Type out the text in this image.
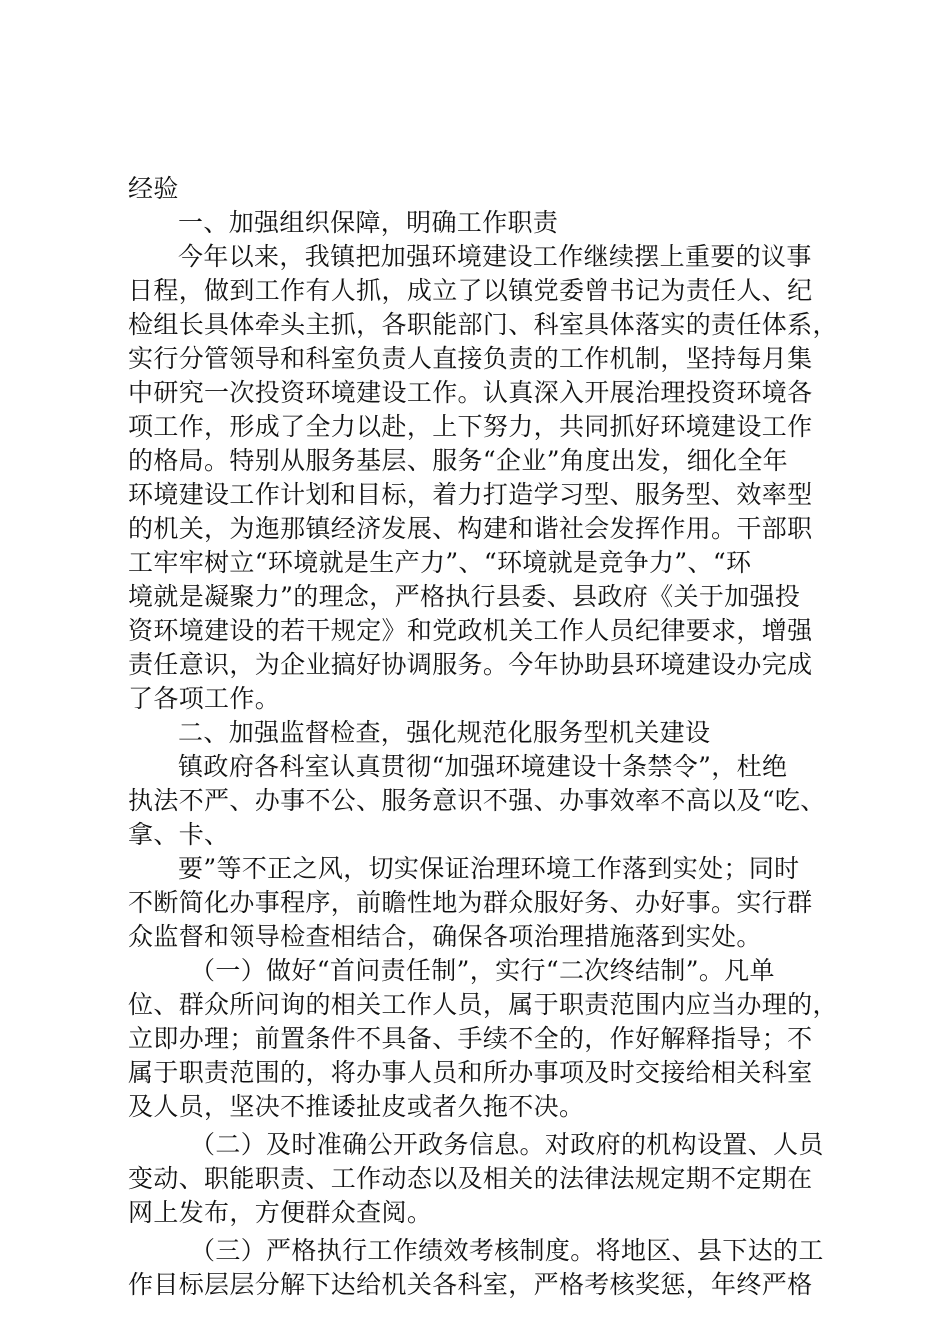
经验
一、加强组织保障，明确工作职责
今年以来，我镇把加强环境建设工作继续摆上重要的议事
日程，做到工作有人抓，成立了以镇党委曾书记为责任人、纪
检组长具体牵头主抓，各职能部门、科室具体落实的责任体系，
实行分管领导和科室负责人直接负责的工作机制，坚持每月集
中研究一次投资环境建设工作。认真深入开展治理投资环境各
项工作，形成了全力以赴，上下努力，共同抓好环境建设工作
的格局。特别从服务基层、服务“企业”角度出发，细化全年
环境建设工作计划和目标，着力打造学习型、服务型、效率型
的机关，为迤那镇经济发展、构建和谐社会发挥作用。干部职
工牢牢树立“环境就是生产力”、“环境就是竞争力”、“环
境就是凝聚力”的理念，严格执行县委、县政府《关于加强投
资环境建设的若干规定》和党政机关工作人员纪律要求，增强
责任意识，为企业搞好协调服务。今年协助县环境建设办完成
了各项工作。
二、加强监督检查，强化规范化服务型机关建设
镇政府各科室认真贯彻“加强环境建设十条禁令”，杜绝
执法不严、办事不公、服务意识不强、办事效率不高以及“吃、
拿、卡、
要”等不正之风，切实保证治理环境工作落到实处；同时
不断简化办事程序，前瞻性地为群众服好务、办好事。实行群
众监督和领导检查相结合，确保各项治理措施落到实处。
（一）做好“首问责任制”，实行“二次终结制”。凡单
位、群众所问询的相关工作人员，属于职责范围内应当办理的，
立即办理；前置条件不具备、手续不全的，作好解释指导；不
属于职责范围的，将办事人员和所办事项及时交接给相关科室
及人员，坚决不推诿扯皮或者久拖不决。
（二）及时准确公开政务信息。对政府的机构设置、人员
变动、职能职责、工作动态以及相关的法律法规定期不定期在
网上发布，方便群众查阅。
（三）严格执行工作绩效考核制度。将地区、县下达的工
作目标层层分解下达给机关各科室，严格考核奖惩，年终严格
